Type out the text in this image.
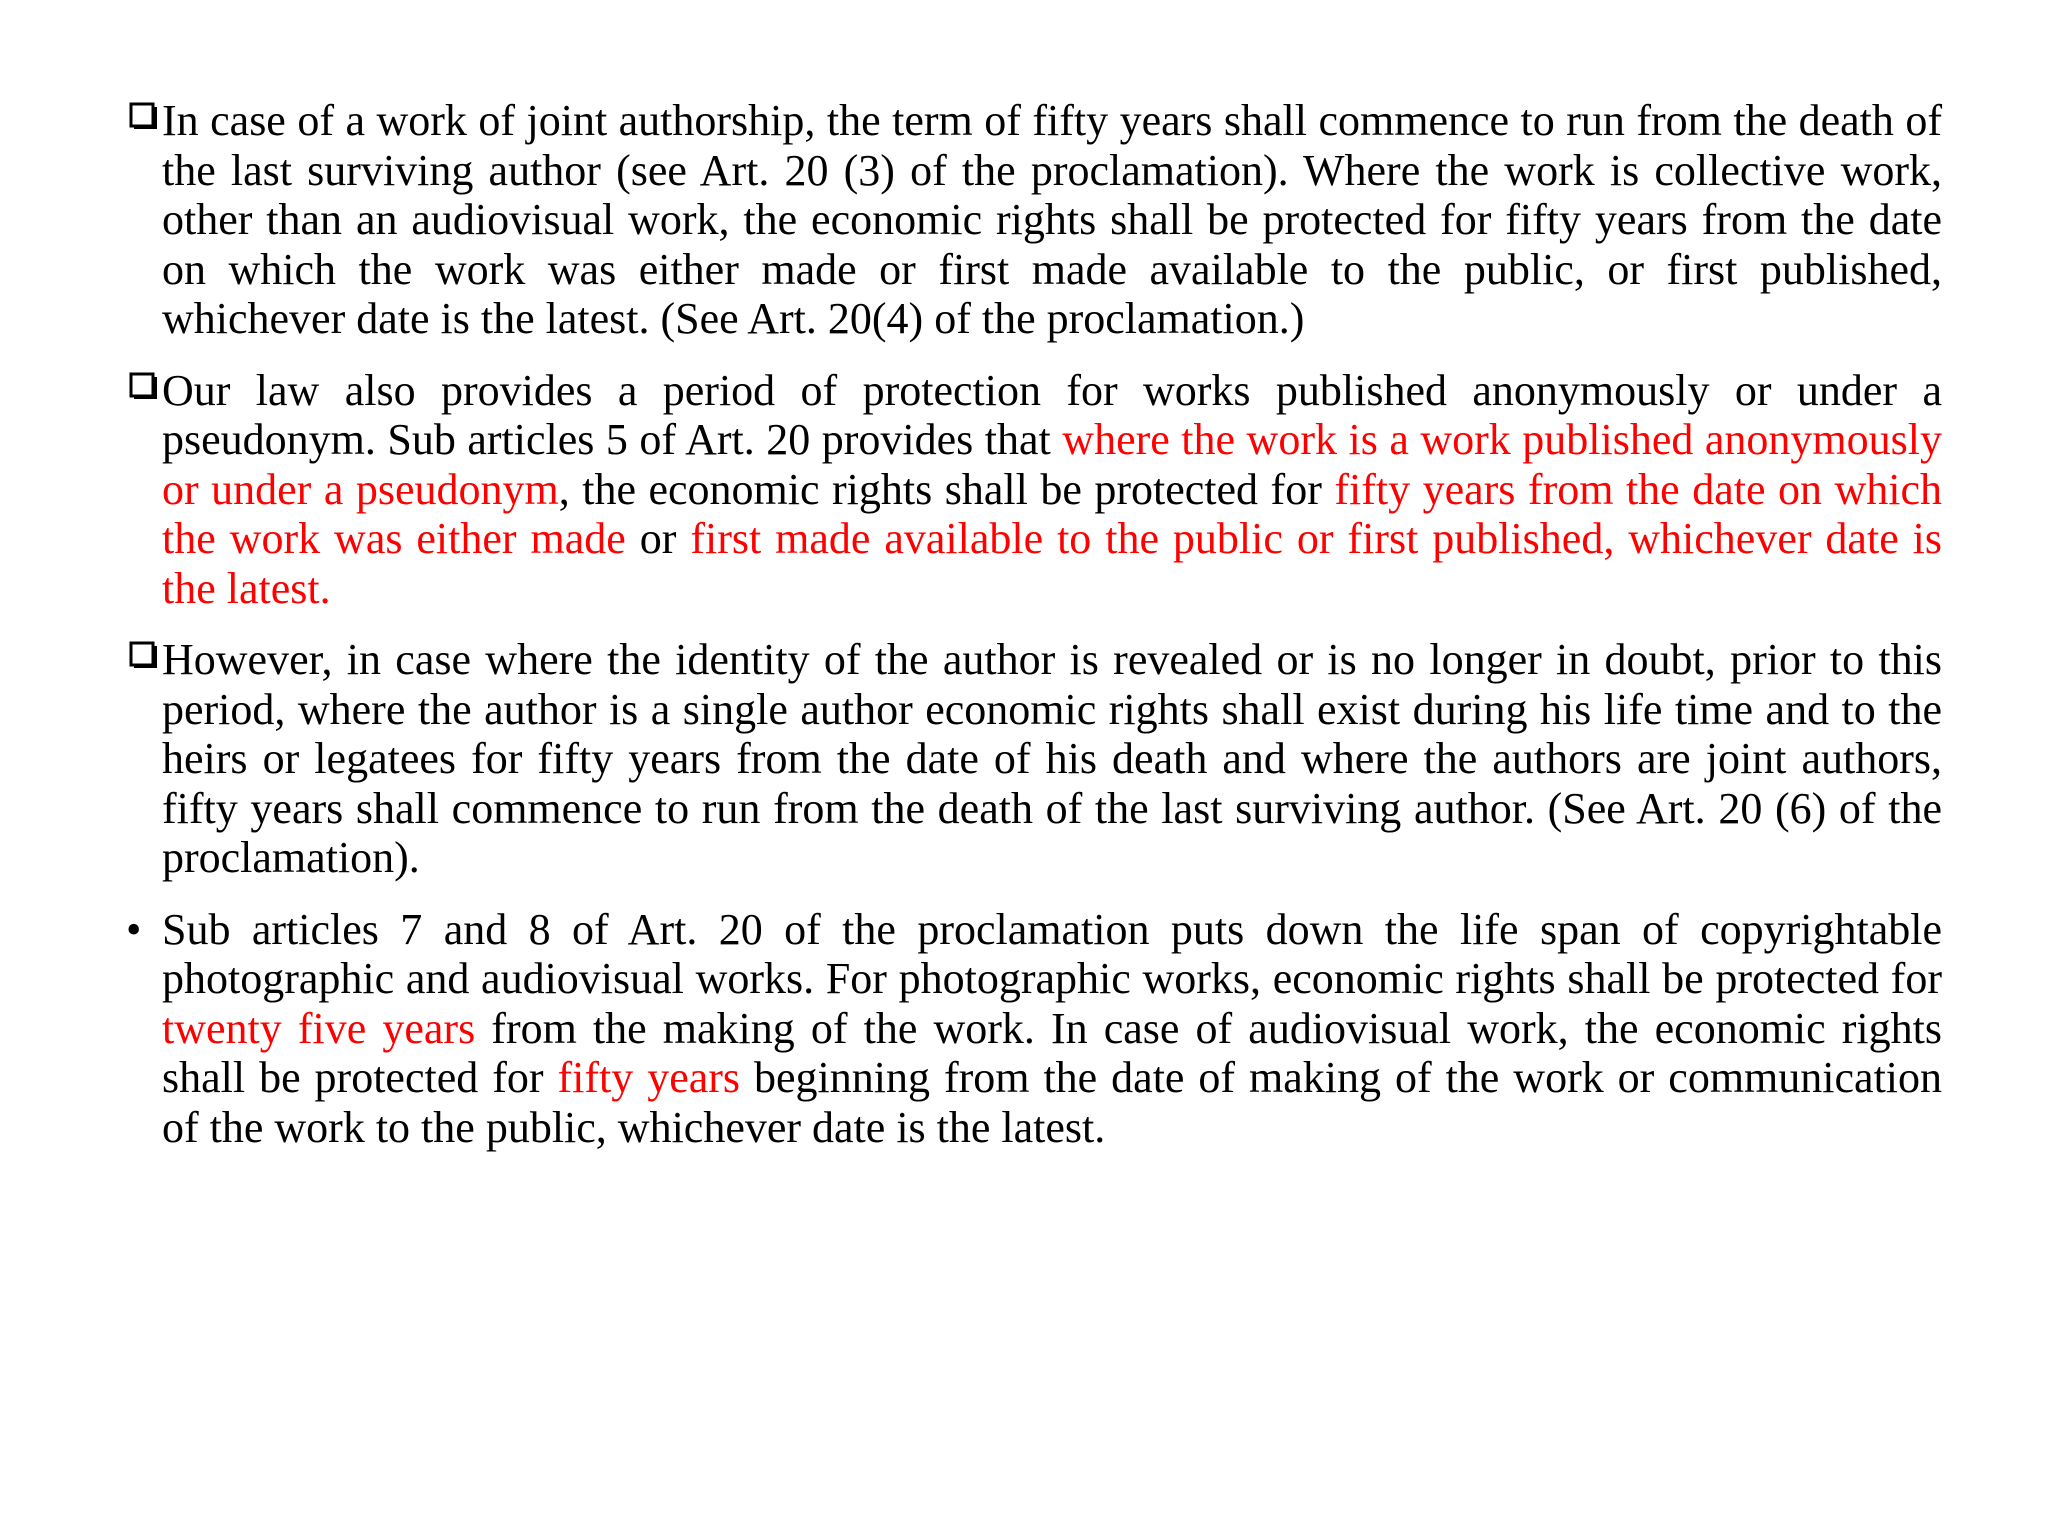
In case of a work of joint authorship, the term of fifty years shall commence to run from the death of the last surviving author (see Art. 20 (3) of the proclamation). Where the work is collective work, other than an audiovisual work, the economic rights shall be protected for fifty years from the date on which the work was either made or first made available to the public, or first published, whichever date is the latest. (See Art. 20(4) of the proclamation.)

Our law also provides a period of protection for works published anonymously or under a pseudonym. Sub articles 5 of Art. 20 provides that where the work is a work published anonymously or under a pseudonym, the economic rights shall be protected for fifty years from the date on which the work was either made or first made available to the public or first published, whichever date is the latest.

However, in case where the identity of the author is revealed or is no longer in doubt, prior to this period, where the author is a single author economic rights shall exist during his life time and to the heirs or legatees for fifty years from the date of his death and where the authors are joint authors, fifty years shall commence to run from the death of the last surviving author. (See Art. 20 (6) of the proclamation).

• Sub articles 7 and 8 of Art. 20 of the proclamation puts down the life span of copyrightable photographic and audiovisual works. For photographic works, economic rights shall be protected for twenty five years from the making of the work. In case of audiovisual work, the economic rights shall be protected for fifty years beginning from the date of making of the work or communication of the work to the public, whichever date is the latest.
